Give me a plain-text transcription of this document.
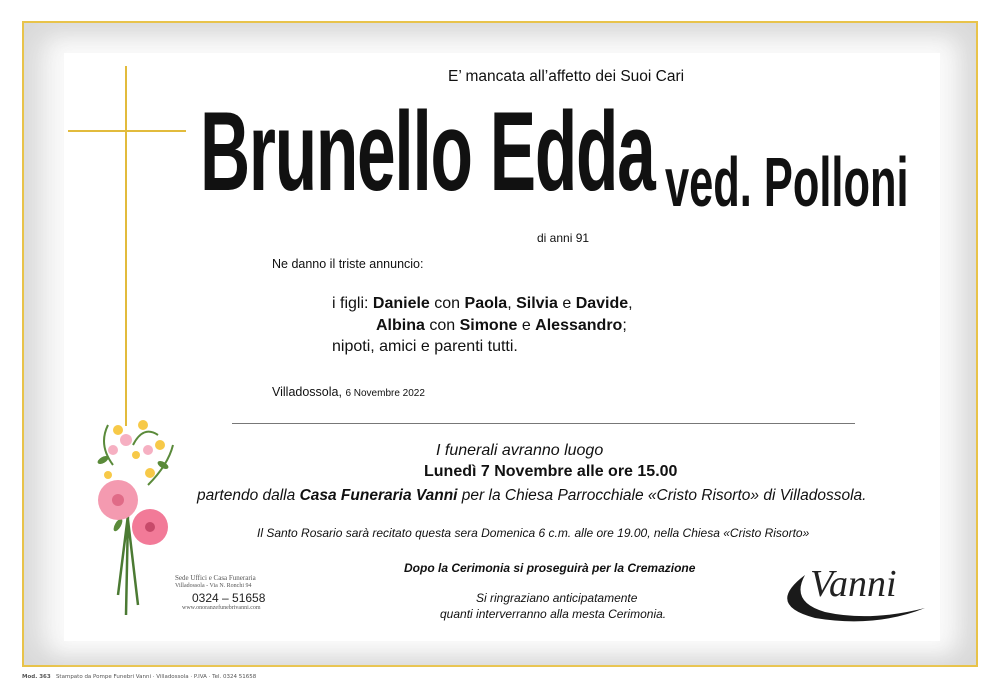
E’ mancata all’affetto dei Suoi Cari
Brunello Edda ved. Polloni
di anni 91
Ne danno il triste annuncio:
i figli: Daniele con Paola, Silvia e Davide,
Albina con Simone e Alessandro;
nipoti, amici e parenti tutti.
Villadossola, 6 Novembre 2022
I funerali avranno luogo
Lunedì 7 Novembre alle ore 15.00
partendo dalla Casa Funeraria Vanni per la Chiesa Parrocchiale «Cristo Risorto» di Villadossola.
Il Santo Rosario sarà recitato questa sera Domenica 6 c.m. alle ore 19.00, nella Chiesa «Cristo Risorto»
Dopo la Cerimonia si proseguirà per la Cremazione
Si ringraziano anticipatamente
quanti interverranno alla mesta Cerimonia.
Sede Uffici e Casa Funeraria
Villadossola - Via N. Ronchi 94
0324 – 51658
www.onoranzefunebrivanni.com
Vanni
Mod. 363 Stampato da Pompe Funebri Vanni · Villadossola · P.IVA · Tel. 0324 51658
